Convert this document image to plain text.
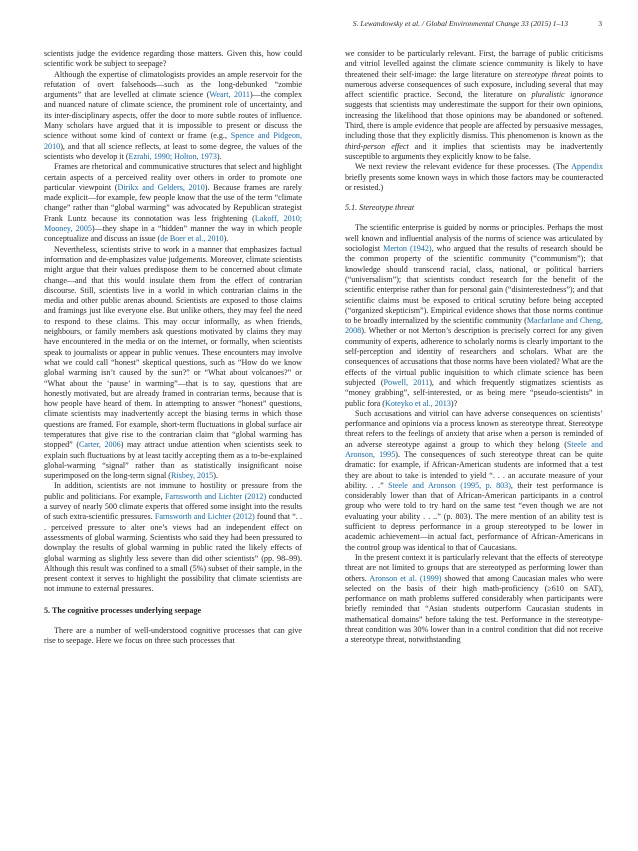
S. Lewandowsky et al. / Global Environmental Change 33 (2015) 1–13	3

scientists judge the evidence regarding those matters. Given this, how could scientific work be subject to seepage?

Although the expertise of climatologists provides an ample reservoir for the refutation of overt falsehoods—such as the long-debunked “zombie arguments” that are levelled at climate science (Weart, 2011)—the complex and nuanced nature of climate science, the prominent role of uncertainty, and its inter-disciplinary aspects, offer the door to more subtle routes of influence. Many scholars have argued that it is impossible to present or discuss the science without some kind of context or frame (e.g., Spence and Pidgeon, 2010), and that all science reflects, at least to some degree, the values of the scientists who develop it (Ezrahi, 1990; Holton, 1973).

Frames are rhetorical and communicative structures that select and highlight certain aspects of a perceived reality over others in order to promote one particular viewpoint (Dirikx and Gelders, 2010). Because frames are rarely made explicit—for example, few people know that the use of the term “climate change” rather than “global warming” was advocated by Republican strategist Frank Luntz because its connotation was less frightening (Lakoff, 2010; Mooney, 2005)—they shape in a “hidden” manner the way in which people conceptualize and discuss an issue (de Boer et al., 2010).

Nevertheless, scientists strive to work in a manner that emphasizes factual information and de-emphasizes value judgements. Moreover, climate scientists might argue that their values predispose them to be concerned about climate change—and that this would insulate them from the effect of contrarian discourse. Still, scientists live in a world in which contrarian claims in the media and other public arenas abound. Scientists are exposed to those claims and framings just like everyone else. But unlike others, they may feel the need to respond to these claims. This may occur informally, as when friends, neighbours, or family members ask questions motivated by claims they may have encountered in the media or on the internet, or formally, when scientists speak to journalists or appear in public venues. These encounters may involve what we could call “honest” skeptical questions, such as “How do we know global warming isn’t caused by the sun?” or “What about volcanoes?” or “What about the ‘pause’ in warming”—that is to say, questions that are honestly motivated, but are already framed in contrarian terms, because that is how people have heard of them. In attempting to answer “honest” questions, climate scientists may inadvertently accept the biasing terms in which those questions are framed. For example, short-term fluctuations in global surface air temperatures that give rise to the contrarian claim that “global warming has stopped” (Carter, 2006) may attract undue attention when scientists seek to explain such fluctuations by at least tacitly accepting them as a to-be-explained global-warming “signal” rather than as statistically insignificant noise superimposed on the long-term signal (Risbey, 2015).

In addition, scientists are not immune to hostility or pressure from the public and politicians. For example, Farnsworth and Lichter (2012) conducted a survey of nearly 500 climate experts that offered some insight into the results of such extra-scientific pressures. Farnsworth and Lichter (2012) found that “. . . perceived pressure to alter one’s views had an independent effect on assessments of global warming. Scientists who said they had been pressured to downplay the results of global warming in public rated the likely effects of global warming as slightly less severe than did other scientists” (pp. 98–99). Although this result was confined to a small (5%) subset of their sample, in the present context it serves to highlight the possibility that climate scientists are not immune to external pressures.

5. The cognitive processes underlying seepage

There are a number of well-understood cognitive processes that can give rise to seepage. Here we focus on three such processes that

we consider to be particularly relevant. First, the barrage of public criticisms and vitriol levelled against the climate science community is likely to have threatened their self-image: the large literature on stereotype threat points to numerous adverse consequences of such exposure, including several that may affect scientific practice. Second, the literature on pluralistic ignorance suggests that scientists may underestimate the support for their own opinions, increasing the likelihood that those opinions may be abandoned or softened. Third, there is ample evidence that people are affected by persuasive messages, including those that they explicitly dismiss. This phenomenon is known as the third-person effect and it implies that scientists may be inadvertently susceptible to arguments they explicitly know to be false.

We next review the relevant evidence for these processes. (The Appendix briefly presents some known ways in which those factors may be counteracted or resisted.)

5.1. Stereotype threat

The scientific enterprise is guided by norms or principles. Perhaps the most well known and influential analysis of the norms of science was articulated by sociologist Merton (1942), who argued that the results of research should be the common property of the scientific community (“communism”); that knowledge should transcend racial, class, national, or political barriers (“universalism”); that scientists conduct research for the benefit of the scientific enterprise rather than for personal gain (“disinterestedness”); and that scientific claims must be exposed to critical scrutiny before being accepted (“organized skepticism”). Empirical evidence shows that those norms continue to be broadly internalized by the scientific community (Macfarlane and Cheng, 2008). Whether or not Merton’s description is precisely correct for any given community of experts, adherence to scholarly norms is clearly important to the self-perception and identity of researchers and scholars. What are the consequences of accusations that those norms have been violated? What are the effects of the virtual public inquisition to which climate science has been subjected (Powell, 2011), and which frequently stigmatizes scientists as “money grabbing”, self-interested, or as being mere “pseudo-scientists” in public fora (Koteyko et al., 2013)?

Such accusations and vitriol can have adverse consequences on scientists’ performance and opinions via a process known as stereotype threat. Stereotype threat refers to the feelings of anxiety that arise when a person is reminded of an adverse stereotype against a group to which they belong (Steele and Aronson, 1995). The consequences of such stereotype threat can be quite dramatic: for example, if African-American students are informed that a test they are about to take is intended to yield “. . . an accurate measure of your ability. . .” Steele and Aronson (1995, p. 803), their test performance is considerably lower than that of African-American participants in a control group who were told to try hard on the same test “even though we are not evaluating your ability . . ..” (p. 803). The mere mention of an ability test is sufficient to depress performance in a group stereotyped to be lower in academic achievement—in actual fact, performance of African-Americans in the control group was identical to that of Caucasians.

In the present context it is particularly relevant that the effects of stereotype threat are not limited to groups that are stereotyped as performing lower than others. Aronson et al. (1999) showed that among Caucasian males who were selected on the basis of their high math-proficiency (≥610 on SAT), performance on math problems suffered considerably when participants were briefly reminded that “Asian students outperform Caucasian students in mathematical domains” before taking the test. Performance in the stereotype-threat condition was 30% lower than in a control condition that did not receive a stereotype threat, notwithstanding
